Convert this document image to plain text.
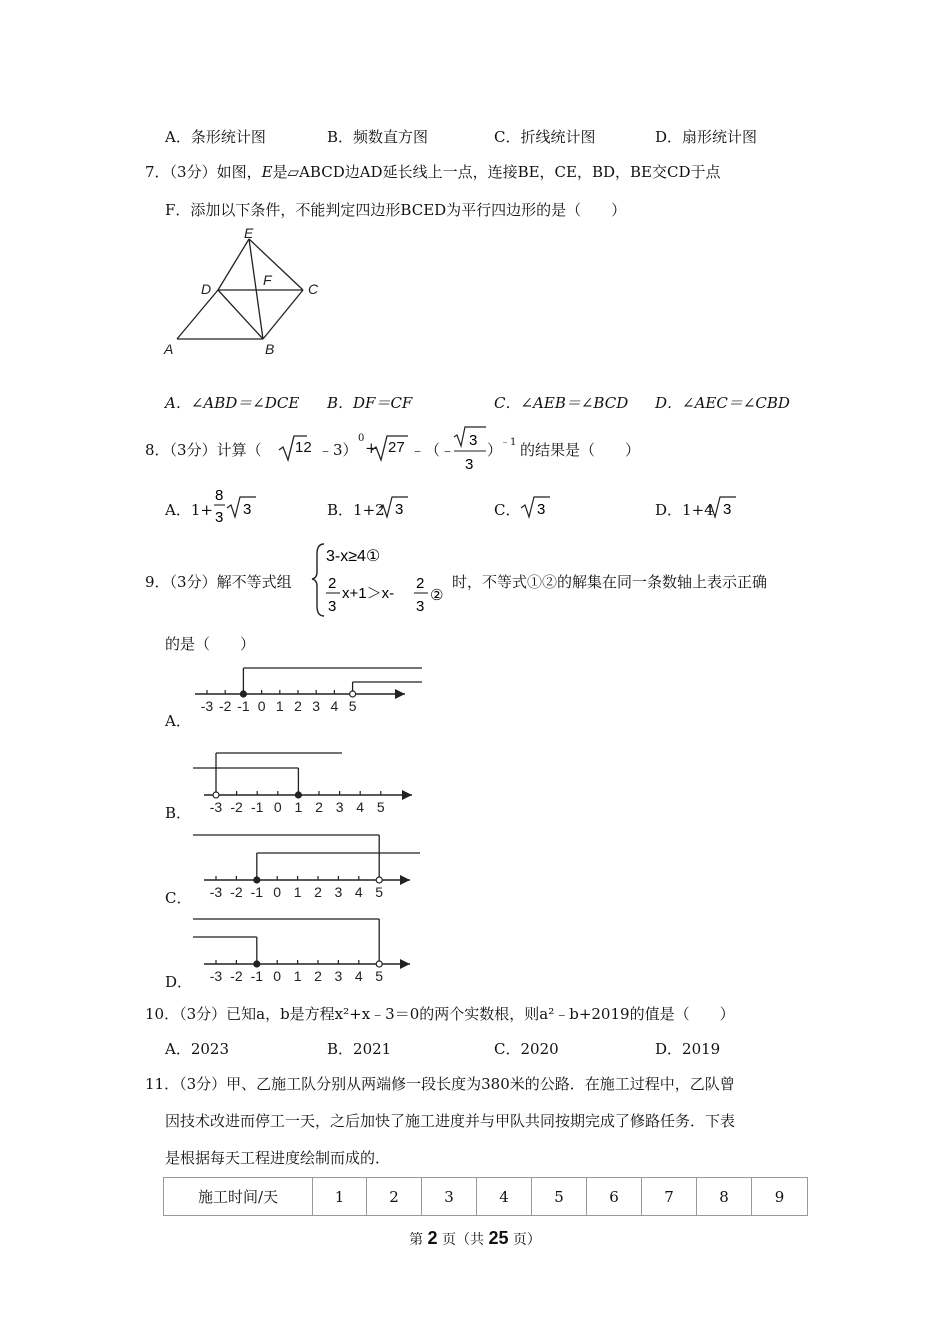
A．条形统计图	B．频数直方图	C．折线统计图	D．扇形统计图
7．（3分）如图，E是▱ABCD边AD延长线上一点，连接BE，CE，BD，BE交CD于点
F．添加以下条件，不能判定四边形BCED为平行四边形的是（　　）
E
D
F
C
A	B
A．∠ABD＝∠DCE B．DF＝CF	C．∠AEB＝∠BCD D．∠AEC＝∠CBD
8．（3分）计算（ 12 ﹣3）
0
+ 27 ﹣（﹣
3
3
）
﹣1 的结果是（　　）
A．1+
8
3 3	B．1+2 3	C． 3	D．1+4 3
9．（3分）解不等式组
3-x≥4①
2
3
x+1＞x-
2
3
②
时，不等式①②的解集在同一条数轴上表示正确
的是（　　）
A．
B．
C．
D．
-3 -2 -1 0 1 2 3 4 5
-3 -2 -1 0 1 2 3 4 5
-3 -2 -1 0 1 2 3 4 5
-3 -2 -1 0 1 2 3 4 5
10．（3分）已知a，b是方程x²+x﹣3＝0的两个实数根，则a²﹣b+2019的值是（　　）
A．2023	B．2021	C．2020	D．2019
11．（3分）甲、乙施工队分别从两端修一段长度为380米的公路．在施工过程中，乙队曾
因技术改进而停工一天，之后加快了施工进度并与甲队共同按期完成了修路任务．下表
是根据每天工程进度绘制而成的．
施工时间/天	1	2	3	4	5	6	7	8	9
第 2 页（共 25 页）
